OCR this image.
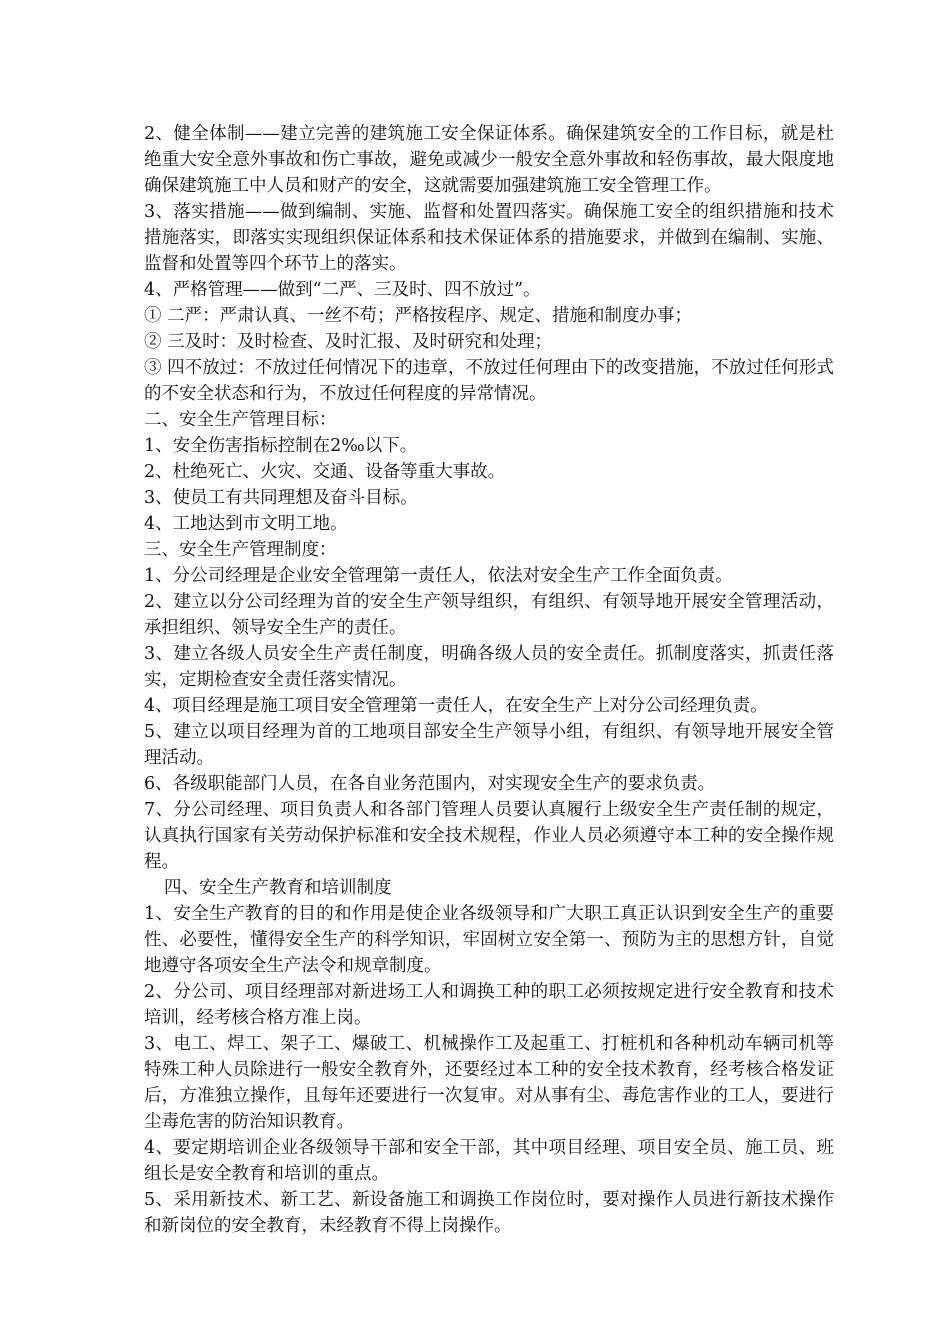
2、健全体制——建立完善的建筑施工安全保证体系。确保建筑安全的工作目标，就是杜绝重大安全意外事故和伤亡事故，避免或减少一般安全意外事故和轻伤事故，最大限度地确保建筑施工中人员和财产的安全，这就需要加强建筑施工安全管理工作。

3、落实措施——做到编制、实施、监督和处置四落实。确保施工安全的组织措施和技术措施落实，即落实实现组织保证体系和技术保证体系的措施要求，并做到在编制、实施、监督和处置等四个环节上的落实。

4、严格管理——做到“二严、三及时、四不放过”。

① 二严：严肃认真、一丝不苟；严格按程序、规定、措施和制度办事；

② 三及时：及时检查、及时汇报、及时研究和处理；

③ 四不放过：不放过任何情况下的违章，不放过任何理由下的改变措施，不放过任何形式的不安全状态和行为，不放过任何程度的异常情况。

二、安全生产管理目标：

1、安全伤害指标控制在2‰以下。

2、杜绝死亡、火灾、交通、设备等重大事故。

3、使员工有共同理想及奋斗目标。

4、工地达到市文明工地。

三、安全生产管理制度：

1、分公司经理是企业安全管理第一责任人，依法对安全生产工作全面负责。

2、建立以分公司经理为首的安全生产领导组织，有组织、有领导地开展安全管理活动，承担组织、领导安全生产的责任。

3、建立各级人员安全生产责任制度，明确各级人员的安全责任。抓制度落实，抓责任落实，定期检查安全责任落实情况。

4、项目经理是施工项目安全管理第一责任人，在安全生产上对分公司经理负责。

5、建立以项目经理为首的工地项目部安全生产领导小组，有组织、有领导地开展安全管理活动。

6、各级职能部门人员，在各自业务范围内，对实现安全生产的要求负责。

7、分公司经理、项目负责人和各部门管理人员要认真履行上级安全生产责任制的规定，认真执行国家有关劳动保护标准和安全技术规程，作业人员必须遵守本工种的安全操作规程。

四、安全生产教育和培训制度

1、安全生产教育的目的和作用是使企业各级领导和广大职工真正认识到安全生产的重要性、必要性，懂得安全生产的科学知识，牢固树立安全第一、预防为主的思想方针，自觉地遵守各项安全生产法令和规章制度。

2、分公司、项目经理部对新进场工人和调换工种的职工必须按规定进行安全教育和技术培训，经考核合格方准上岗。

3、电工、焊工、架子工、爆破工、机械操作工及起重工、打桩机和各种机动车辆司机等特殊工种人员除进行一般安全教育外，还要经过本工种的安全技术教育，经考核合格发证后，方准独立操作，且每年还要进行一次复审。对从事有尘、毒危害作业的工人，要进行尘毒危害的防治知识教育。

4、要定期培训企业各级领导干部和安全干部，其中项目经理、项目安全员、施工员、班组长是安全教育和培训的重点。

5、采用新技术、新工艺、新设备施工和调换工作岗位时，要对操作人员进行新技术操作和新岗位的安全教育，未经教育不得上岗操作。
